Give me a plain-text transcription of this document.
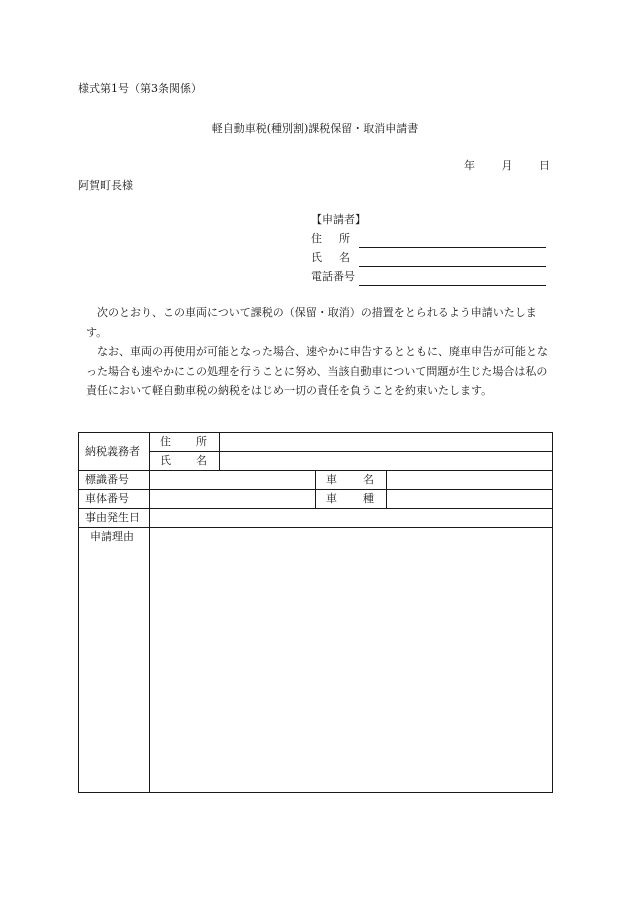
様式第1号（第3条関係）
軽自動車税(種別割)課税保留・取消申請書
年 月 日
阿賀町長様
【申請者】
住所
氏名
電話番号

次のとおり、この車両について課税の（保留・取消）の措置をとられるよう申請いたします。

なお、車両の再使用が可能となった場合、速やかに申告するとともに、廃車申告が可能となった場合も速やかにこの処理を行うことに努め、当該自動車について問題が生じた場合は私の責任において軽自動車税の納税をはじめ一切の責任を負うことを約束いたします。

納税義務者	住 所			

	氏 名			

標識番号			車 名	

車体番号			車 種	

事由発生日				
申請理由				
